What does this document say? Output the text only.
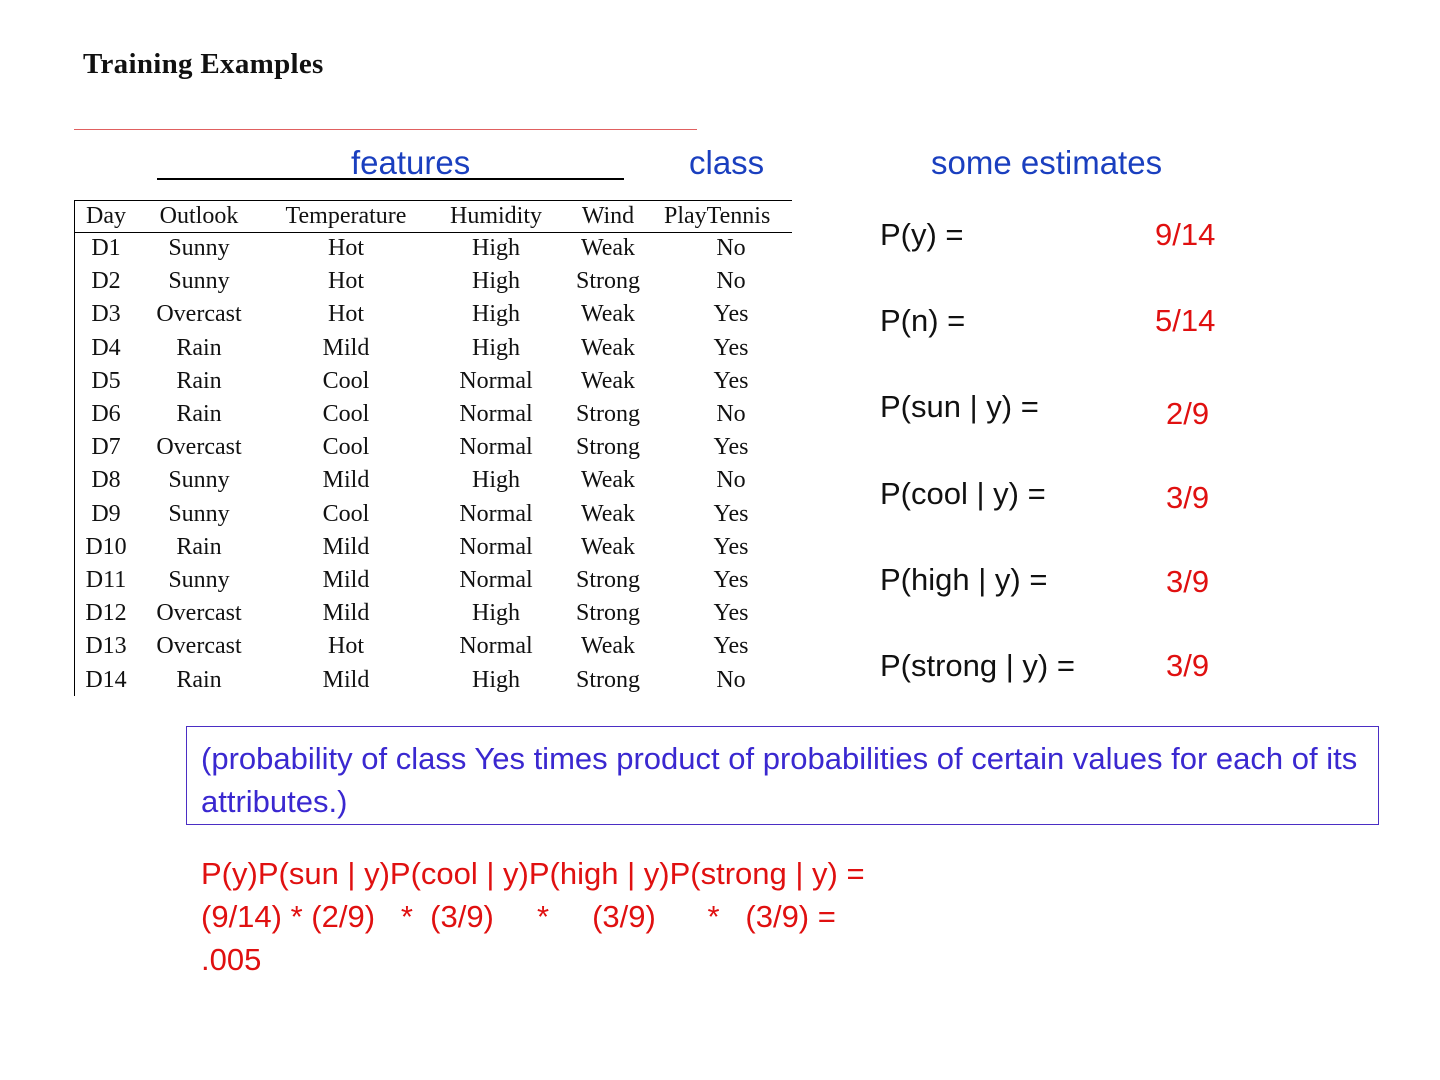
Training Examples
features	class	some estimates
Day	Outlook	Temperature	Humidity	Wind	PlayTennis
D1	Sunny	Hot	High	Weak	No
D2	Sunny	Hot	High	Strong	No
D3	Overcast	Hot	High	Weak	Yes
D4	Rain	Mild	High	Weak	Yes
D5	Rain	Cool	Normal	Weak	Yes
D6	Rain	Cool	Normal	Strong	No
D7	Overcast	Cool	Normal	Strong	Yes
D8	Sunny	Mild	High	Weak	No
D9	Sunny	Cool	Normal	Weak	Yes
D10	Rain	Mild	Normal	Weak	Yes
D11	Sunny	Mild	Normal	Strong	Yes
D12	Overcast	Mild	High	Strong	Yes
D13	Overcast	Hot	Normal	Weak	Yes
D14	Rain	Mild	High	Strong	No
P(y) =	9/14
P(n) =	5/14
P(sun | y) =	2/9
P(cool | y) =	3/9
P(high | y) =	3/9
P(strong | y) =	3/9
(probability of class Yes times product of probabilities of certain values for each of its attributes.)
P(y)P(sun | y)P(cool | y)P(high | y)P(strong | y) =
(9/14) * (2/9)   *  (3/9)     *     (3/9)      *   (3/9) =
.005
